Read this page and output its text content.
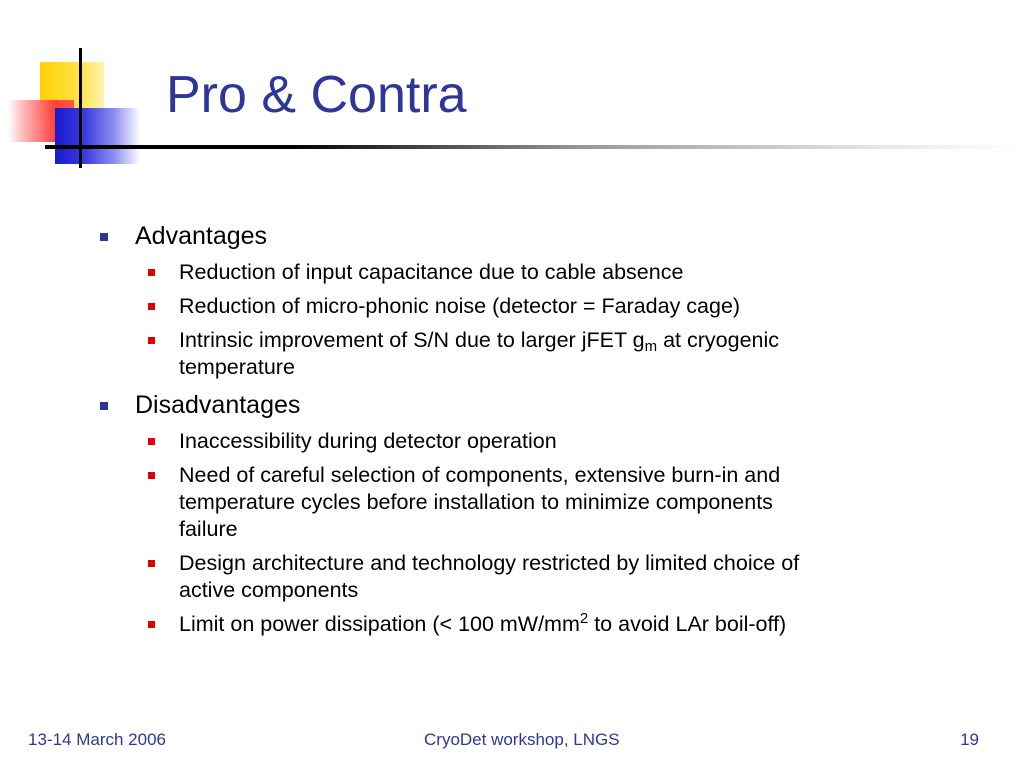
Pro & Contra
Advantages
Reduction of input capacitance due to cable absence
Reduction of micro-phonic noise (detector = Faraday cage)
Intrinsic improvement of S/N due to larger jFET $g_m$ at cryogenic temperature
Disadvantages
Inaccessibility during detector operation
Need of careful selection of components, extensive burn-in and temperature cycles before installation to minimize components failure
Design architecture and technology restricted by limited choice of active components
Limit on power dissipation (< 100 $mW/mm^2$ to avoid LAr boil-off)
13-14 March 2006	CryoDet workshop, LNGS	19
